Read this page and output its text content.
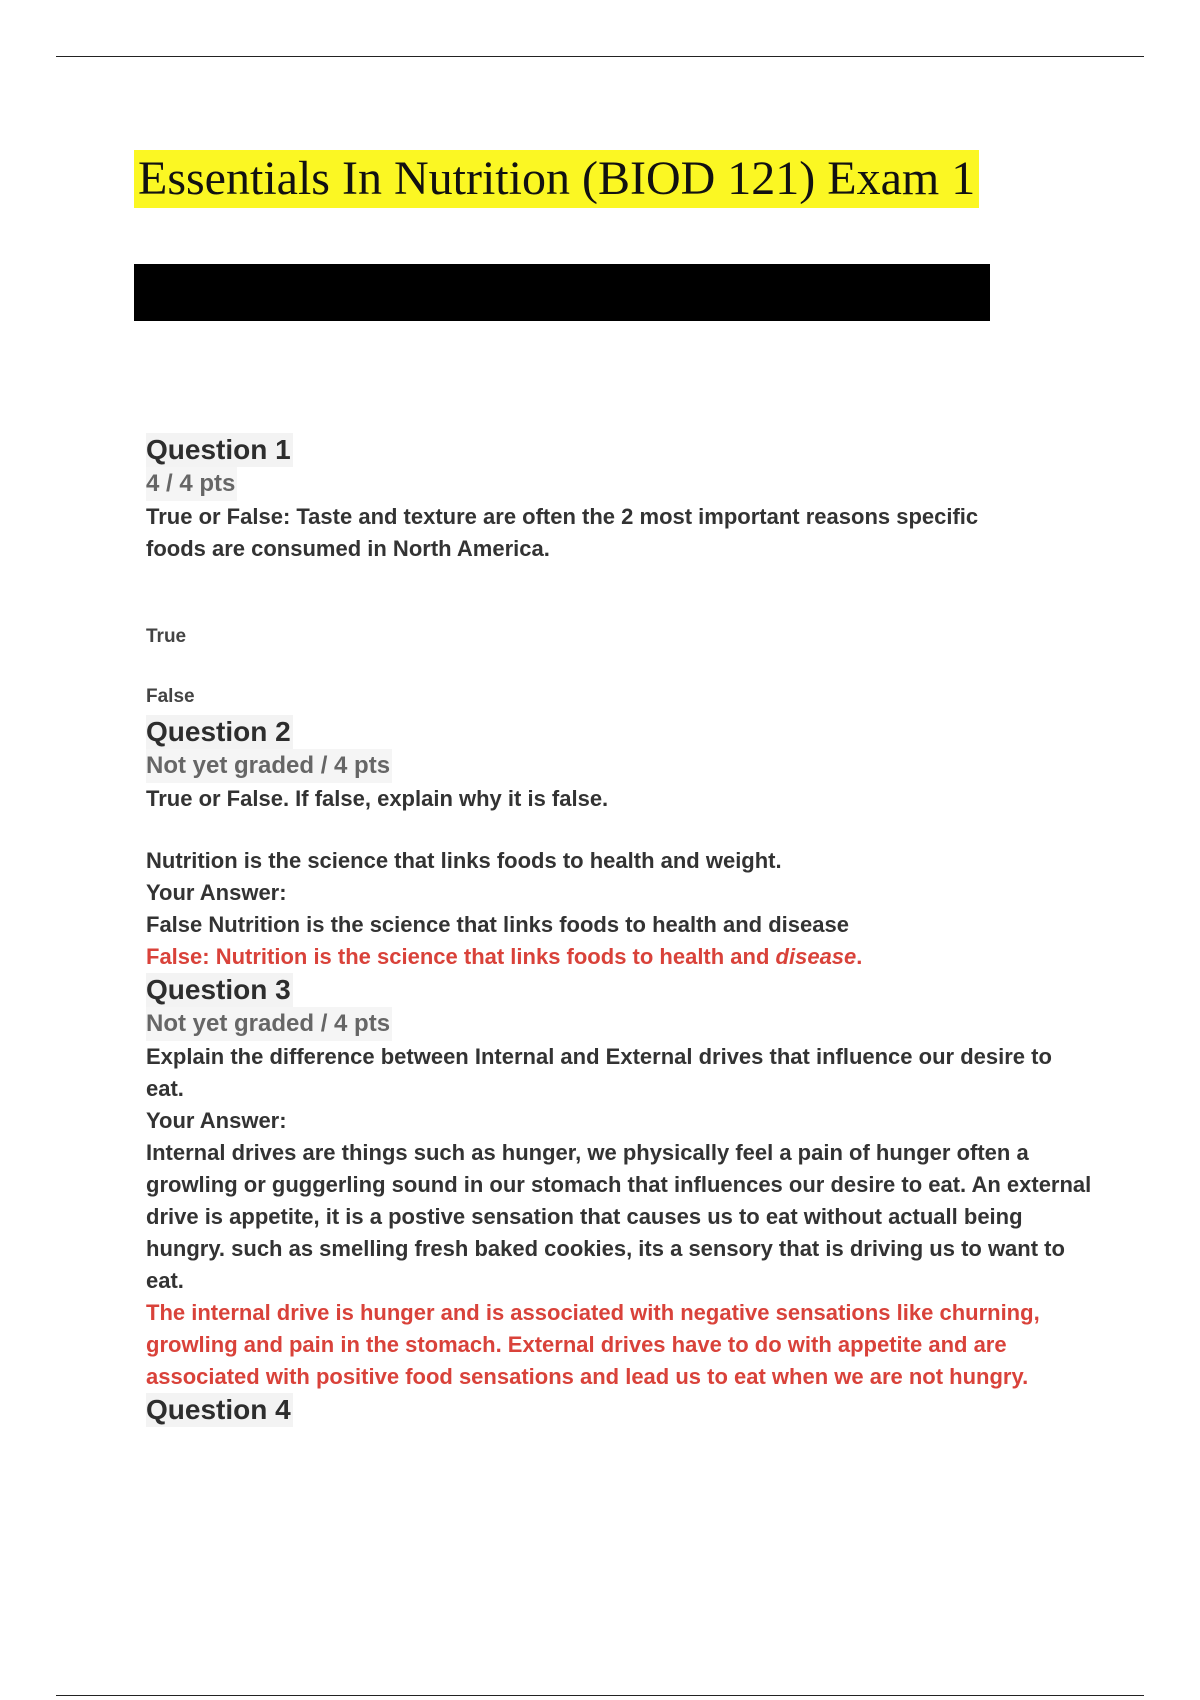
Essentials In Nutrition (BIOD 121) Exam 1
Question 1
4 / 4 pts

True or False: Taste and texture are often the 2 most important reasons specific foods are consumed in North America.

True
False
Question 2
Not yet graded / 4 pts

True or False. If false, explain why it is false.

Nutrition is the science that links foods to health and weight.

Your Answer:

False Nutrition is the science that links foods to health and disease

False: Nutrition is the science that links foods to health and disease.

Question 3
Not yet graded / 4 pts

Explain the difference between Internal and External drives that influence our desire to eat.

Your Answer:

Internal drives are things such as hunger, we physically feel a pain of hunger often a growling or guggerling sound in our stomach that influences our desire to eat. An external drive is appetite, it is a postive sensation that causes us to eat without actuall being hungry. such as smelling fresh baked cookies, its a sensory that is driving us to want to eat.

The internal drive is hunger and is associated with negative sensations like churning, growling and pain in the stomach. External drives have to do with appetite and are associated with positive food sensations and lead us to eat when we are not hungry.

Question 4
